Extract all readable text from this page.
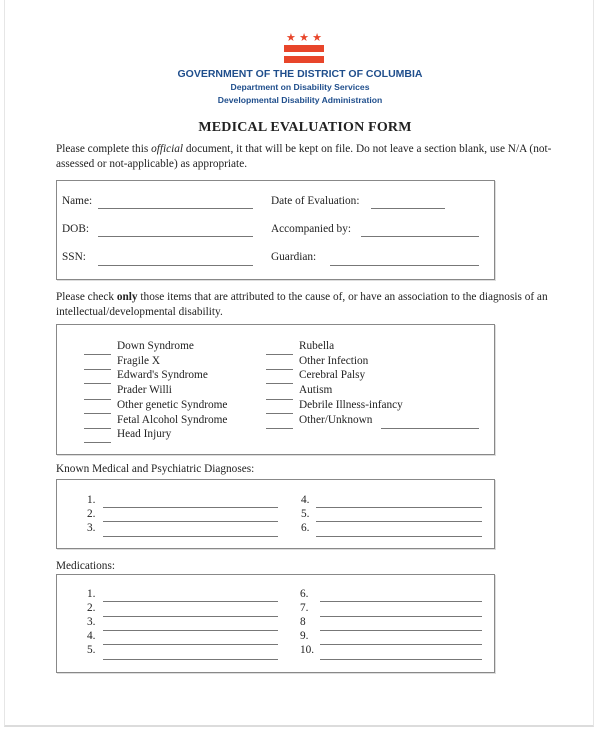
★ ★ ★
GOVERNMENT OF THE DISTRICT OF COLUMBIA
Department on Disability Services
Developmental Disability Administration
MEDICAL EVALUATION FORM
Please complete this official document, it that will be kept on file. Do not leave a section blank, use N/A (not-assessed or not-applicable) as appropriate.
Name:
DOB:
SSN:
Date of Evaluation:
Accompanied by:
Guardian:
Please check only those items that are attributed to the cause of, or have an association to the diagnosis of an intellectual/developmental disability.
Down Syndrome
Fragile X
Edward's Syndrome
Prader Willi
Other genetic Syndrome
Fetal Alcohol Syndrome
Head Injury
Rubella
Other Infection
Cerebral Palsy
Autism
Debrile Illness-infancy
Other/Unknown
Known Medical and Psychiatric Diagnoses:
1.
2.
3.
4.
5.
6.
Medications:
1.
2.
3.
4.
5.
6.
7.
8
9.
10.
